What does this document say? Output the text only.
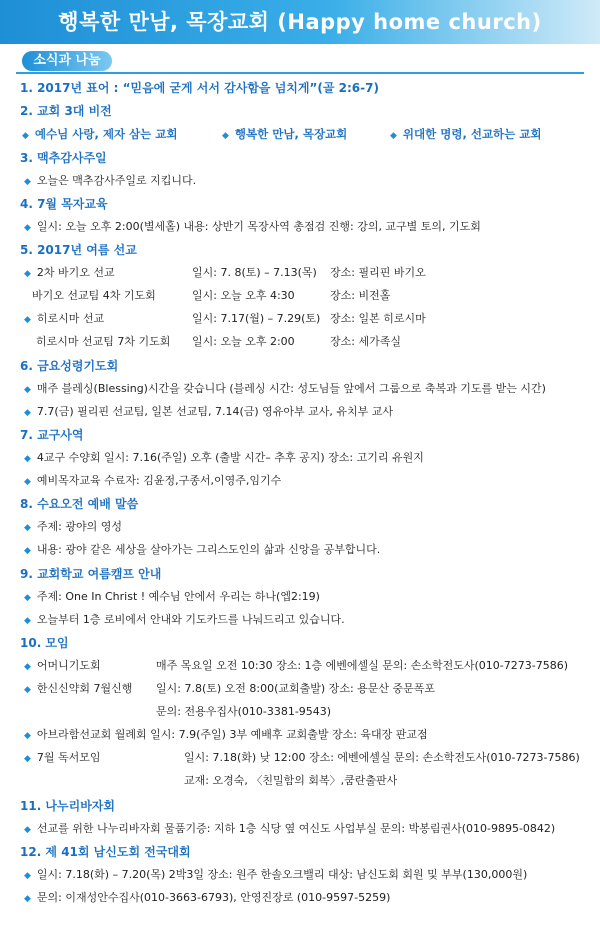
행복한 만남, 목장교회 (Happy home church)
소식과 나눔
1. 2017년 표어 : “믿음에 굳게 서서 감사함을 넘치게”(골 2:6-7)
2. 교회 3대 비전
◆ 예수님 사랑, 제자 삼는 교회	◆ 행복한 만남, 목장교회	◆ 위대한 명령, 선교하는 교회
3. 맥추감사주일
◆ 오늘은 맥추감사주일로 지킵니다.
4. 7월 목자교육
◆ 일시: 오늘 오후 2:00(별세홀) 내용: 상반기 목장사역 총점검 진행: 강의, 교구별 토의, 기도회
5. 2017년 여름 선교
◆ 2차 바기오 선교	일시: 7. 8(토) – 7.13(목) 장소: 필리핀 바기오
바기오 선교팀 4차 기도회	일시: 오늘 오후 4:30	장소: 비전홀
◆ 히로시마 선교	일시: 7.17(월) – 7.29(토) 장소: 일본 히로시마
히로시마 선교팀 7차 기도회 일시: 오늘 오후 2:00	장소: 세가족실
6. 금요성령기도회
◆ 매주 블레싱(Blessing)시간을 갖습니다 (블레싱 시간: 성도님들 앞에서 그룹으로 축복과 기도를 받는 시간)
◆ 7.7(금) 필리핀 선교팀, 일본 선교팀, 7.14(금) 영유아부 교사, 유치부 교사
7. 교구사역
◆ 4교구 수양회 일시: 7.16(주일) 오후 (출발 시간– 추후 공지) 장소: 고기리 유원지
◆ 예비목자교육 수료자: 김윤정,구종서,이영주,임기수
8. 수요오전 예배 말씀
◆ 주제: 광야의 영성
◆ 내용: 광야 같은 세상을 살아가는 그리스도인의 삶과 신앙을 공부합니다.
9. 교회학교 여름캠프 안내
◆ 주제: One In Christ ! 예수님 안에서 우리는 하나(엡2:19)
◆ 오늘부터 1층 로비에서 안내와 기도카드를 나눠드리고 있습니다.
10. 모임
◆ 어머니기도회	매주 목요일 오전 10:30 장소: 1층 에벤에셀실 문의: 손소학전도사(010-7273-7586)
◆ 한신신약회 7월신행 일시: 7.8(토) 오전 8:00(교회출발) 장소: 용문산 중문폭포
문의: 전용우집사(010-3381-9543)
◆ 아브라함선교회 월례회 일시: 7.9(주일) 3부 예배후 교회출발 장소: 육대장 판교점
◆ 7월 독서모임	일시: 7.18(화) 낮 12:00 장소: 에벤에셀실 문의: 손소학전도사(010-7273-7586)
교재: 오경숙, 〈친밀함의 회복〉,쿰란출판사
11. 나누리바자회
◆ 선교를 위한 나누리바자회 물품기증: 지하 1층 식당 옆 여신도 사업부실 문의: 박봉림권사(010-9895-0842)
12. 제 41회 남신도회 전국대회
◆ 일시: 7.18(화) – 7.20(목) 2박3일 장소: 원주 한솔오크밸리 대상: 남신도회 회원 및 부부(130,000원)
◆ 문의: 이재성안수집사(010-3663-6793), 안영진장로 (010-9597-5259)
